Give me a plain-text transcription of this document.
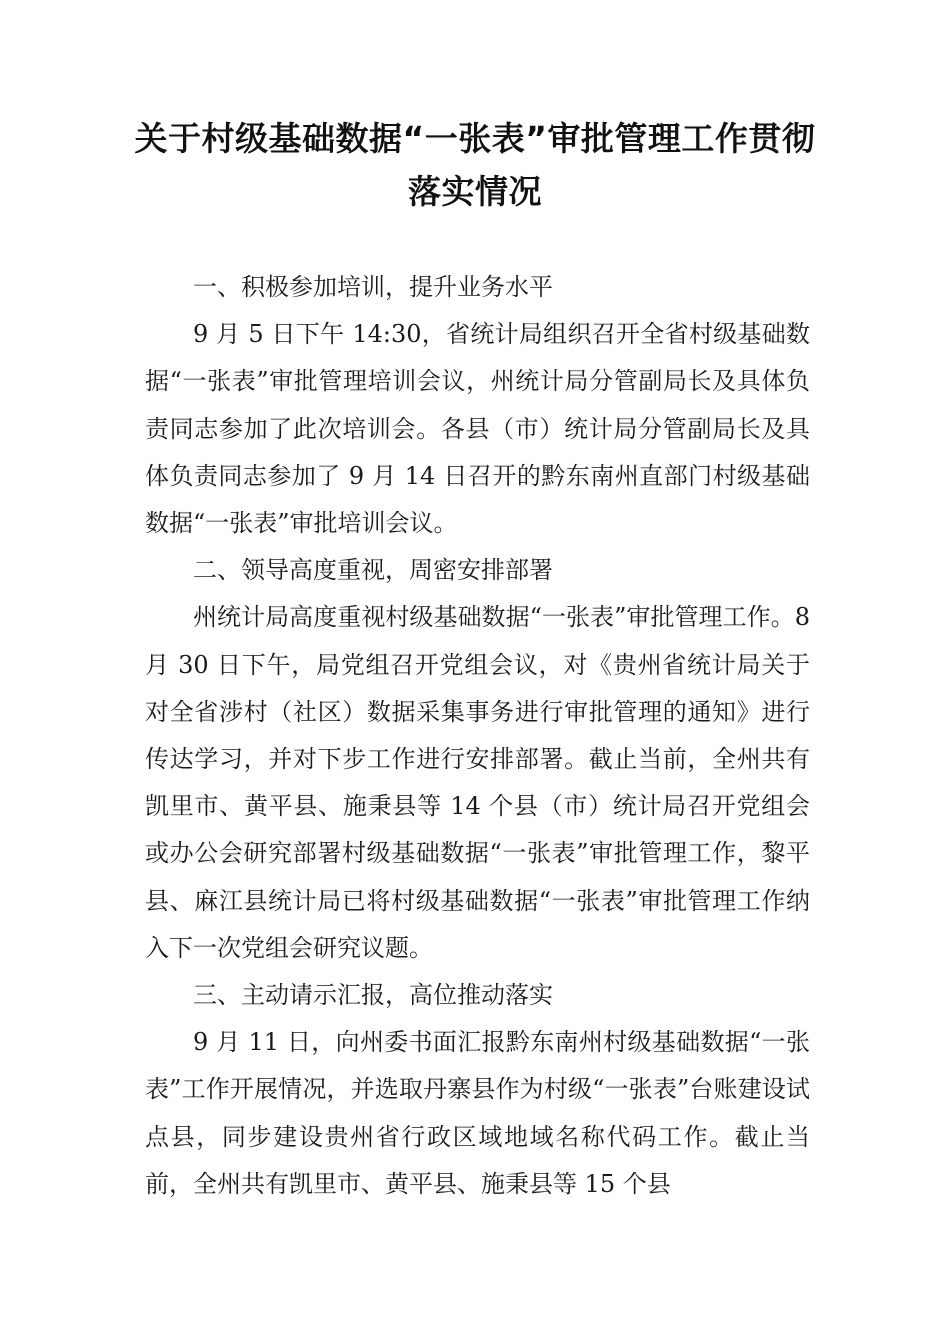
关于村级基础数据“一张表”审批管理工作贯彻落实情况

一、积极参加培训，提升业务水平

9 月 5 日下午 14:30，省统计局组织召开全省村级基础数据“一张表”审批管理培训会议，州统计局分管副局长及具体负责同志参加了此次培训会。各县（市）统计局分管副局长及具体负责同志参加了 9 月 14 日召开的黔东南州直部门村级基础数据“一张表”审批培训会议。

二、领导高度重视，周密安排部署

州统计局高度重视村级基础数据“一张表”审批管理工作。8 月 30 日下午，局党组召开党组会议，对《贵州省统计局关于对全省涉村（社区）数据采集事务进行审批管理的通知》进行传达学习，并对下步工作进行安排部署。截止当前，全州共有凯里市、黄平县、施秉县等 14 个县（市）统计局召开党组会或办公会研究部署村级基础数据“一张表”审批管理工作，黎平县、麻江县统计局已将村级基础数据“一张表”审批管理工作纳入下一次党组会研究议题。

三、主动请示汇报，高位推动落实

9 月 11 日，向州委书面汇报黔东南州村级基础数据“一张表”工作开展情况，并选取丹寨县作为村级“一张表”台账建设试点县，同步建设贵州省行政区域地域名称代码工作。截止当前，全州共有凯里市、黄平县、施秉县等 15 个县
